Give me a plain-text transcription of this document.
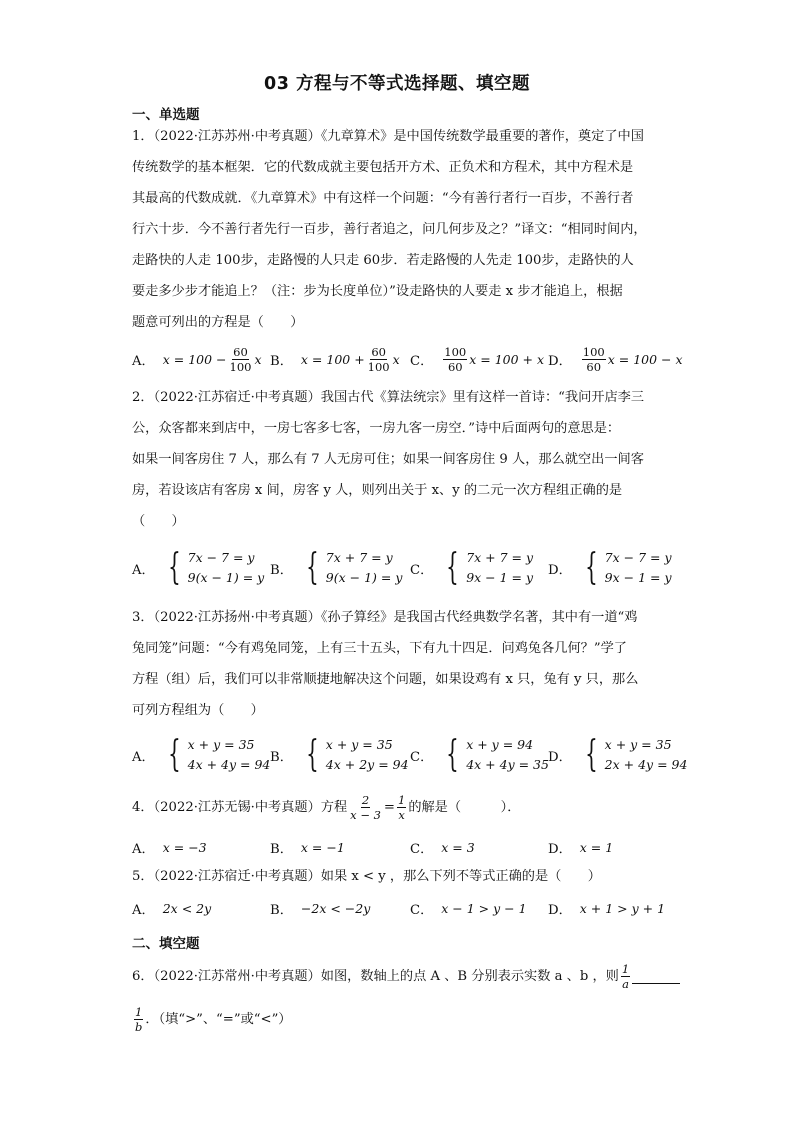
03 方程与不等式选择题、填空题
一、单选题
1．（2022·江苏苏州·中考真题）《九章算术》是中国传统数学最重要的著作，奠定了中国
传统数学的基本框架．它的代数成就主要包括开方术、正负术和方程术，其中方程术是
其最高的代数成就．《九章算术》中有这样一个问题：“今有善行者行一百步，不善行者
行六十步．今不善行者先行一百步，善行者追之，问几何步及之？”译文：“相同时间内，
走路快的人走 100步，走路慢的人只走 60步．若走路慢的人先走 100步，走路快的人
要走多少步才能追上？（注：步为长度单位）”设走路快的人要走 x 步才能追上，根据
题意可列出的方程是（　　）
A． $x = 100 - \frac{60}{100}$ x B． $x = 100 + \frac{60}{100}$ x C． $\frac{100}{60}$ x = 100 + x D． $\frac{100}{60}$ x = 100 − x
2．（2022·江苏宿迁·中考真题）我国古代《算法统宗》里有这样一首诗：“我问开店李三
公，众客都来到店中，一房七客多七客，一房九客一房空．”诗中后面两句的意思是：
如果一间客房住 7 人，那么有 7 人无房可住；如果一间客房住 9 人，那么就空出一间客
房，若设该店有客房 x 间，房客 y 人，则列出关于 x、y 的二元一次方程组正确的是
（　　）
A． { 7x − 7 = y
9(x − 1) = y B． { 7x + 7 = y
9(x − 1) = y C． { 7x + 7 = y
9x − 1 = y D． { 7x − 7 = y
9x − 1 = y
3．（2022·江苏扬州·中考真题）《孙子算经》是我国古代经典数学名著，其中有一道“鸡
兔同笼”问题：“今有鸡兔同笼，上有三十五头，下有九十四足．问鸡兔各几何？”学了
方程（组）后，我们可以非常顺捷地解决这个问题，如果设鸡有 x 只，兔有 y 只，那么
可列方程组为（　　）
A． { x + y = 35
4x + 4y = 94 B． { x + y = 35
4x + 2y = 94 C． { x + y = 94
4x + 4y = 35 D． { x + y = 35
2x + 4y = 94
4．（2022·江苏无锡·中考真题）方程 $\frac{2}{x - 3} = \frac{1}{x}$ 的解是（　　　）．
A． x = −3	B． x = −1	C． x = 3	D． x = 1
5．（2022·江苏宿迁·中考真题）如果 x < y ，那么下列不等式正确的是（　　）
A． 2x < 2y	B． −2x < −2y	C． x − 1 > y − 1 D． x + 1 > y + 1
二、填空题
6．（2022·江苏常州·中考真题）如图，数轴上的点 A 、B 分别表示实数 a 、b ，则 $\frac{1}{a}$
$\frac{1}{b}$ ．（填“>”、“=”或“<”）
